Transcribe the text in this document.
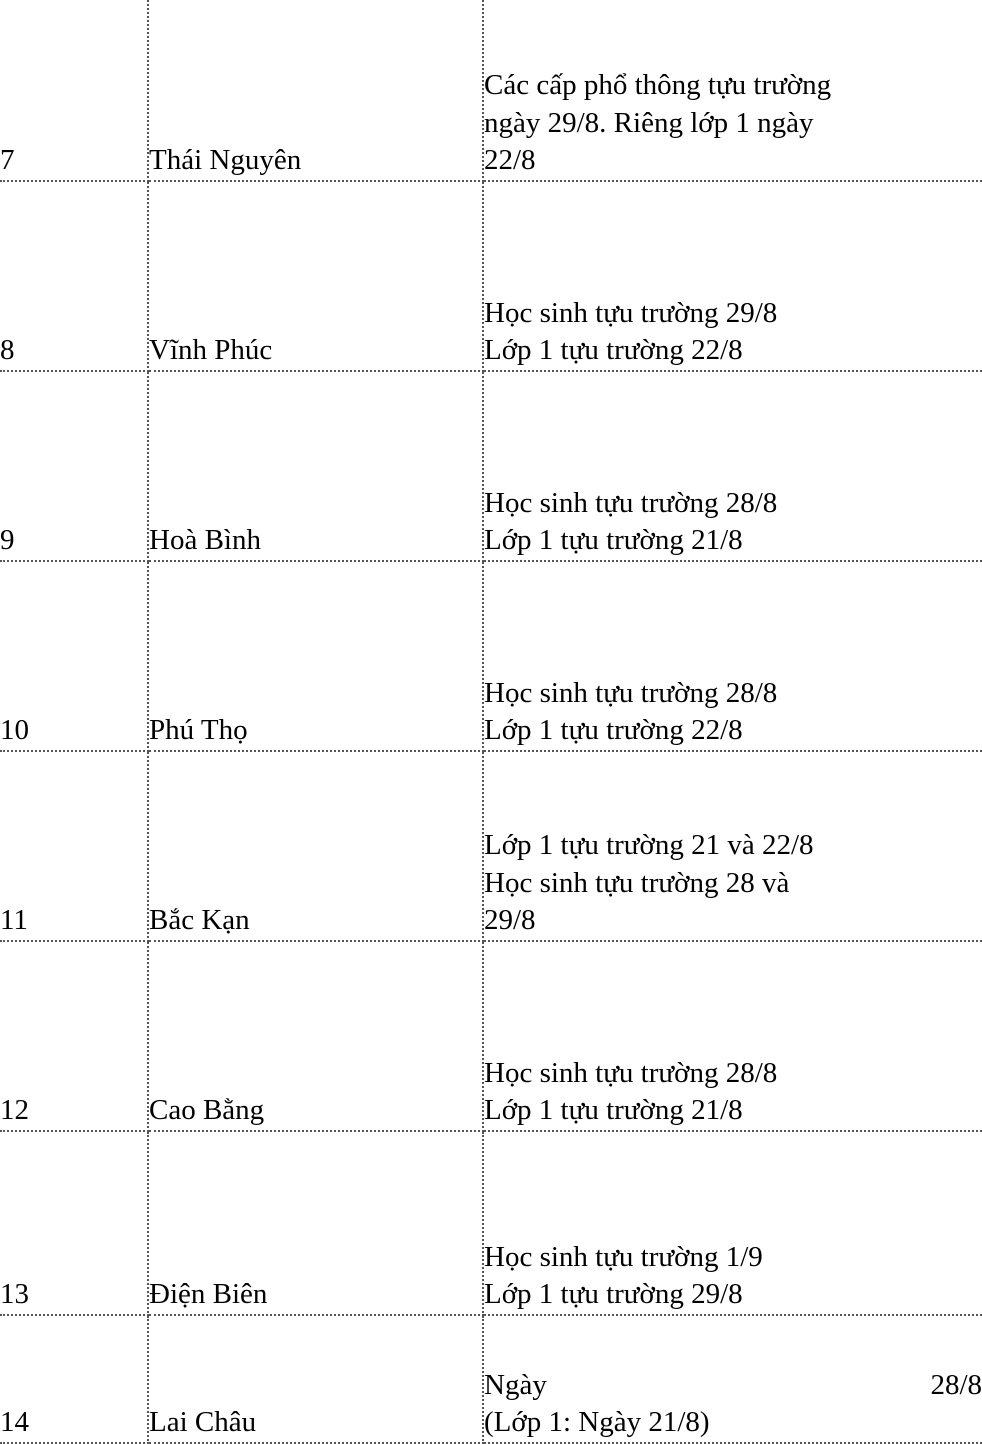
7	Thái Nguyên	Các cấp phổ thông tựu trường
ngày 29/8. Riêng lớp 1 ngày
22/8

8	Vĩnh Phúc	Học sinh tựu trường 29/8
Lớp 1 tựu trường 22/8

9	Hoà Bình	Học sinh tựu trường 28/8
Lớp 1 tựu trường 21/8

10	Phú Thọ	Học sinh tựu trường 28/8
Lớp 1 tựu trường 22/8

11	Bắc Kạn	Lớp 1 tựu trường 21 và 22/8
Học sinh tựu trường 28 và
29/8

12	Cao Bằng	Học sinh tựu trường 28/8
Lớp 1 tựu trường 21/8

13	Điện Biên	Học sinh tựu trường 1/9
Lớp 1 tựu trường 29/8

14	Lai Châu	Ngày 28/8
(Lớp 1: Ngày 21/8)
